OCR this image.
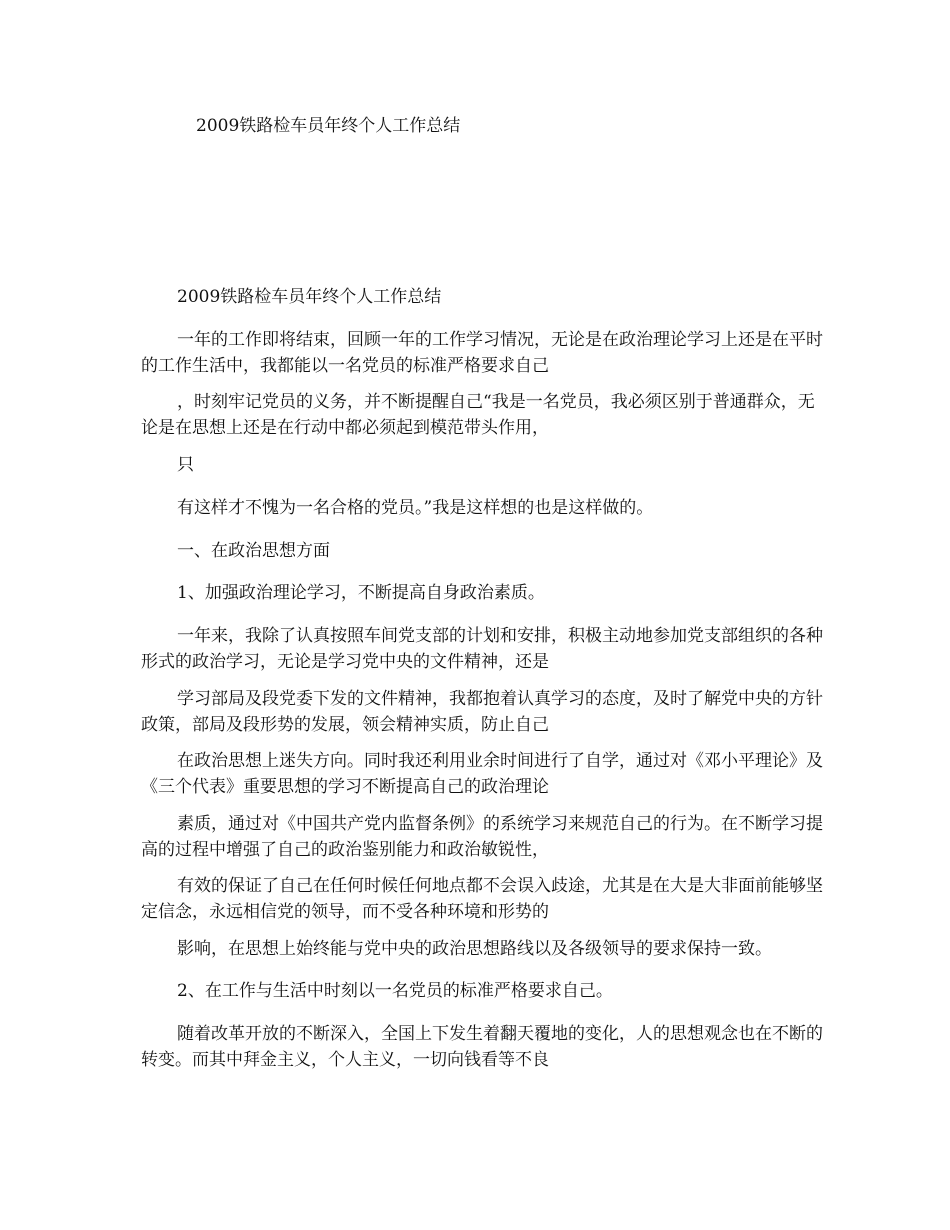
2009铁路检车员年终个人工作总结

2009铁路检车员年终个人工作总结

一年的工作即将结束，回顾一年的工作学习情况，无论是在政治理论学习上还是在平时的工作生活中，我都能以一名党员的标准严格要求自己

，时刻牢记党员的义务，并不断提醒自己“我是一名党员，我必须区别于普通群众，无论是在思想上还是在行动中都必须起到模范带头作用，

只

有这样才不愧为一名合格的党员。”我是这样想的也是这样做的。

一、在政治思想方面

1、加强政治理论学习，不断提高自身政治素质。

一年来，我除了认真按照车间党支部的计划和安排，积极主动地参加党支部组织的各种形式的政治学习，无论是学习党中央的文件精神，还是

学习部局及段党委下发的文件精神，我都抱着认真学习的态度，及时了解党中央的方针政策，部局及段形势的发展，领会精神实质，防止自己

在政治思想上迷失方向。同时我还利用业余时间进行了自学，通过对《邓小平理论》及《三个代表》重要思想的学习不断提高自己的政治理论

素质，通过对《中国共产党内监督条例》的系统学习来规范自己的行为。在不断学习提高的过程中增强了自己的政治鉴别能力和政治敏锐性，

有效的保证了自己在任何时候任何地点都不会误入歧途，尤其是在大是大非面前能够坚定信念，永远相信党的领导，而不受各种环境和形势的

影响，在思想上始终能与党中央的政治思想路线以及各级领导的要求保持一致。

2、在工作与生活中时刻以一名党员的标准严格要求自己。

随着改革开放的不断深入，全国上下发生着翻天覆地的变化，人的思想观念也在不断的转变。而其中拜金主义，个人主义，一切向钱看等不良
